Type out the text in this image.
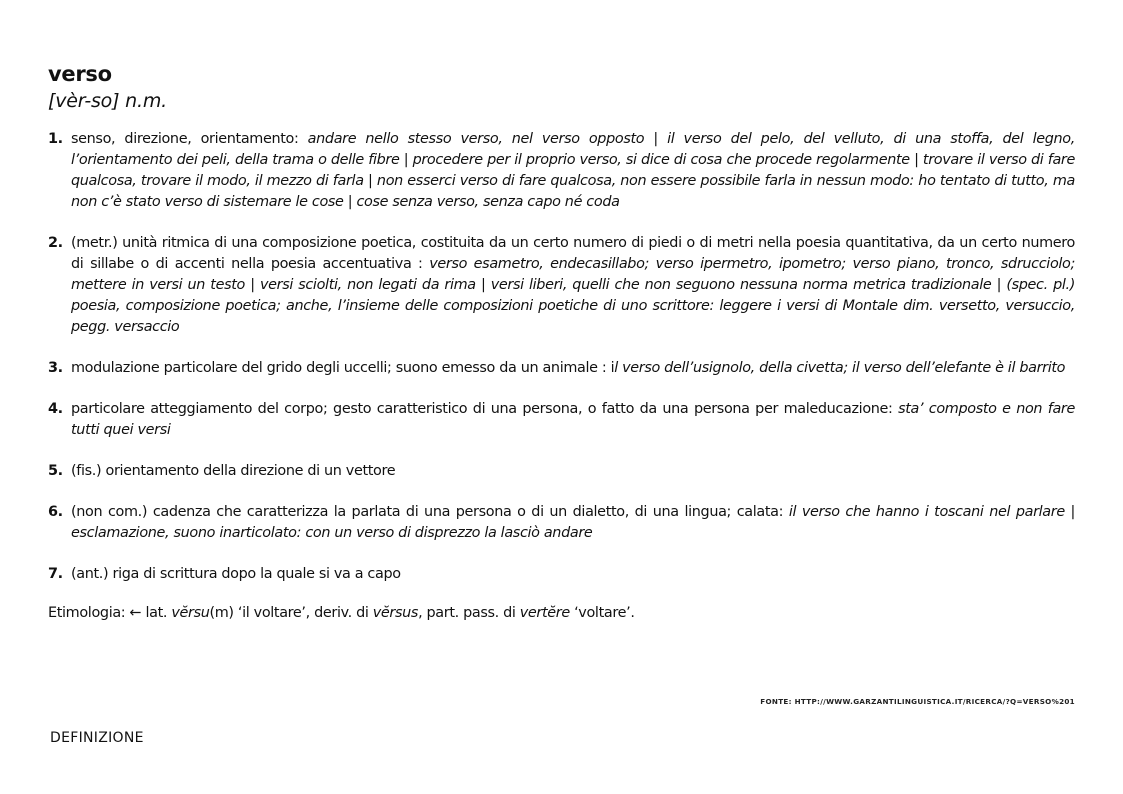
verso
[vèr-so] n.m.
1. senso, direzione, orientamento: andare nello stesso verso, nel verso opposto | il verso del pelo, del velluto, di una stoffa, del legno, l’orientamento dei peli, della trama o delle fibre | procedere per il proprio verso, si dice di cosa che procede regolarmente | trovare il verso di fare qualcosa, trovare il modo, il mezzo di farla | non esserci verso di fare qualcosa, non essere possibile farla in nessun modo: ho tentato di tutto, ma non c’è stato verso di sistemare le cose | cose senza verso, senza capo né coda
2. (metr.) unità ritmica di una composizione poetica, costituita da un certo numero di piedi o di metri nella poesia quantitativa, da un certo numero di sillabe o di accenti nella poesia accentuativa : verso esametro, endecasillabo; verso ipermetro, ipometro; verso piano, tronco, sdrucciolo; mettere in versi un testo | versi sciolti, non legati da rima | versi liberi, quelli che non seguono nessuna norma metrica tradizionale | (spec. pl.) poesia, composizione poetica; anche, l’insieme delle composizioni poetiche di uno scrittore: leggere i versi di Montale dim. versetto, versuccio, pegg. versaccio
3. modulazione particolare del grido degli uccelli; suono emesso da un animale : il verso dell’usignolo, della civetta; il verso dell’elefante è il barrito
4. particolare atteggiamento del corpo; gesto caratteristico di una persona, o fatto da una persona per maleducazione: sta’ composto e non fare tutti quei versi
5. (fis.) orientamento della direzione di un vettore
6. (non com.) cadenza che caratterizza la parlata di una persona o di un dialetto, di una lingua; calata: il verso che hanno i toscani nel parlare | esclamazione, suono inarticolato: con un verso di disprezzo la lasciò andare
7. (ant.) riga di scrittura dopo la quale si va a capo
Etimologia: ← lat. vĕrsu(m) ‘il voltare’, deriv. di vĕrsus, part. pass. di vertĕre ‘voltare’.
FONTE: HTTP://WWW.GARZANTILINGUISTICA.IT/RICERCA/?Q=VERSO%201
DEFINIZIONE
